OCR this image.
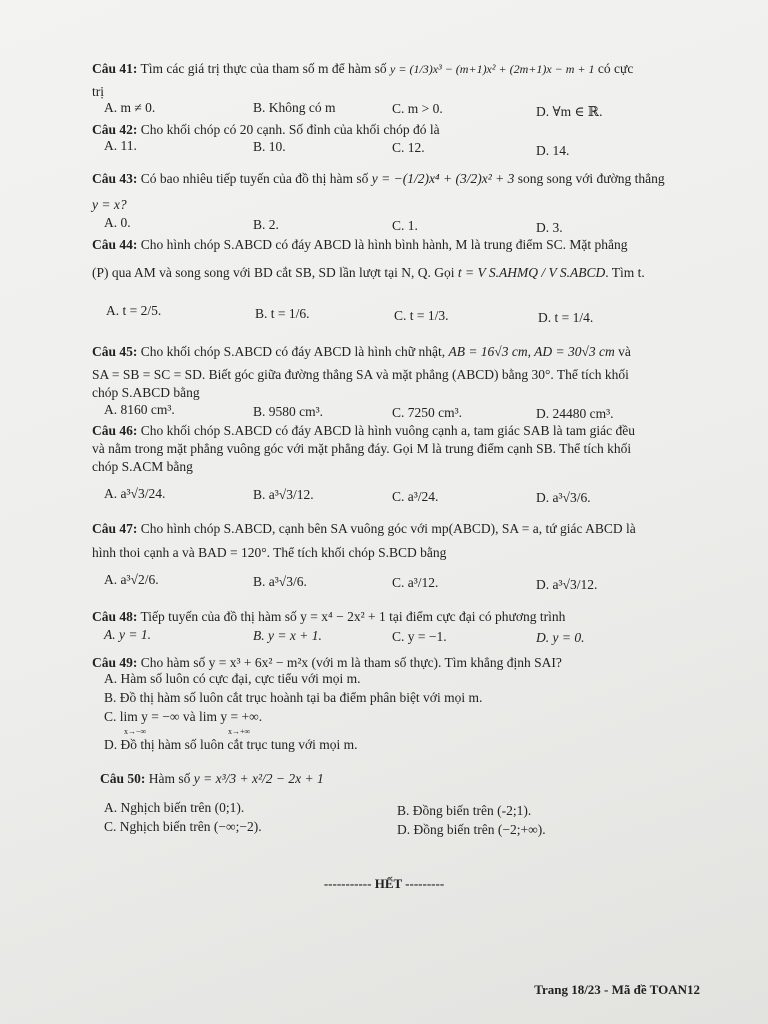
Câu 41: Tìm các giá trị thực của tham số m để hàm số y = (1/3)x³ − (m+1)x² + (2m+1)x − m + 1 có cực
trị
A. m ≠ 0.	B. Không có m	C. m > 0.	D. ∀m ∈ ℝ.
Câu 42: Cho khối chóp có 20 cạnh. Số đỉnh của khối chóp đó là
A. 11.	B. 10.	C. 12.	D. 14.
Câu 43: Có bao nhiêu tiếp tuyến của đồ thị hàm số y = −(1/2)x⁴ + (3/2)x² + 3 song song với đường thẳng
y = x?
A. 0.	B. 2.	C. 1.	D. 3.
Câu 44: Cho hình chóp S.ABCD có đáy ABCD là hình bình hành, M là trung điểm SC. Mặt phẳng
(P) qua AM và song song với BD cắt SB, SD lần lượt tại N, Q. Gọi t = V S.AHMQ / V S.ABCD. Tìm t.
A. t = 2/5.	B. t = 1/6.	C. t = 1/3.	D. t = 1/4.
Câu 45: Cho khối chóp S.ABCD có đáy ABCD là hình chữ nhật, AB = 16√3 cm, AD = 30√3 cm và
SA = SB = SC = SD. Biết góc giữa đường thẳng SA và mặt phẳng (ABCD) bằng 30°. Thể tích khối
chóp S.ABCD bằng
A. 8160 cm³.	B. 9580 cm³.	C. 7250 cm³.	D. 24480 cm³.
Câu 46: Cho khối chóp S.ABCD có đáy ABCD là hình vuông cạnh a, tam giác SAB là tam giác đều
và nằm trong mặt phẳng vuông góc với mặt phẳng đáy. Gọi M là trung điểm cạnh SB. Thể tích khối
chóp S.ACM bằng
A. a³√3/24.	B. a³√3/12.	C. a³/24.	D. a³√3/6.
Câu 47: Cho hình chóp S.ABCD, cạnh bên SA vuông góc với mp(ABCD), SA = a, tứ giác ABCD là
hình thoi cạnh a và BAD = 120°. Thể tích khối chóp S.BCD bằng
A. a³√2/6.	B. a³√3/6.	C. a³/12.	D. a³√3/12.
Câu 48: Tiếp tuyến của đồ thị hàm số y = x⁴ − 2x² + 1 tại điểm cực đại có phương trình
A. y = 1.	B. y = x + 1.	C. y = −1.	D. y = 0.
Câu 49: Cho hàm số y = x³ + 6x² − m²x (với m là tham số thực). Tìm khẳng định SAI?
A. Hàm số luôn có cực đại, cực tiểu với mọi m.
B. Đồ thị hàm số luôn cắt trục hoành tại ba điểm phân biệt với mọi m.
C. lim y = −∞ và lim y = +∞.
x→−∞	x→+∞
D. Đồ thị hàm số luôn cắt trục tung với mọi m.
Câu 50: Hàm số y = x³/3 + x²/2 − 2x + 1
A. Nghịch biến trên (0;1).	B. Đồng biến trên (-2;1).
C. Nghịch biến trên (−∞;−2).	D. Đồng biến trên (−2;+∞).
----------- HẾT ---------
Trang 18/23 - Mã đề TOAN12
